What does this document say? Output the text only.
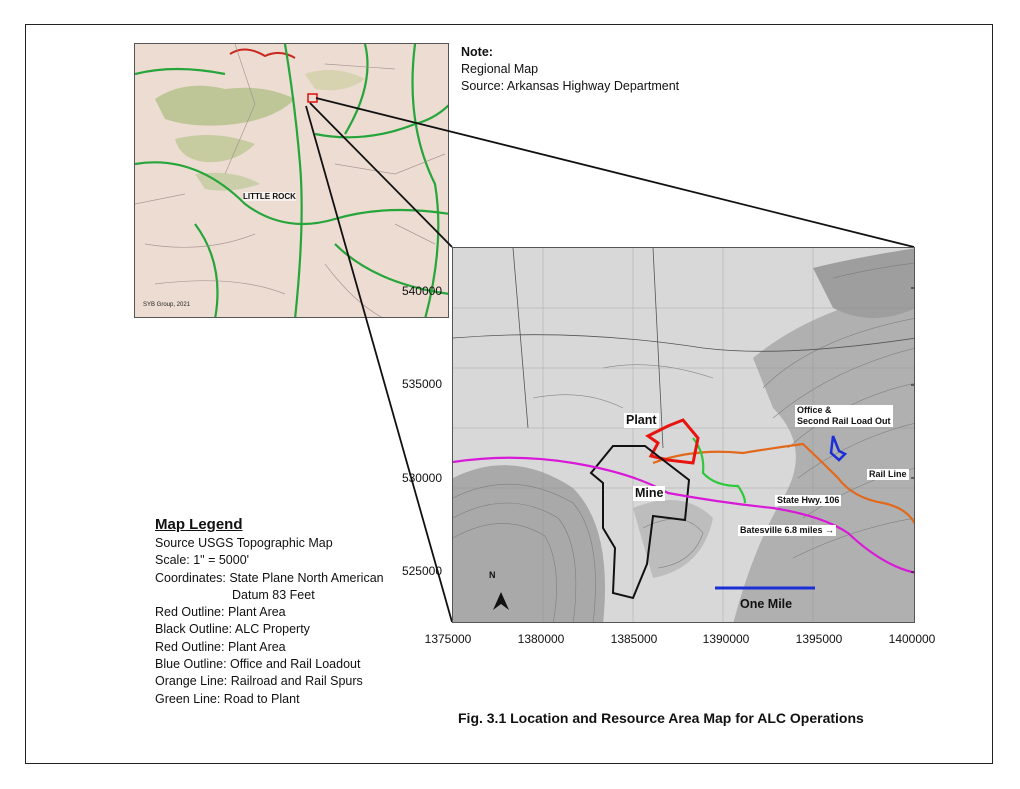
LITTLE ROCK
SYB Group, 2021
Note:
Regional Map
Source: Arkansas Highway Department
Plant
Mine
Office &
Second Rail Load Out
Rail Line
State Hwy. 106
Batesville 6.8 miles →
One Mile
N
540000
535000
530000
525000
1375000	1380000	1385000	1390000	1395000	1400000
Map Legend
Source USGS Topographic Map
Scale: 1" = 5000'
Coordinates: State Plane North American
Datum 83 Feet
Red Outline: Plant Area
Black Outline: ALC Property
Red Outline: Plant Area
Blue Outline: Office and Rail Loadout
Orange Line: Railroad and Rail Spurs
Green Line: Road to Plant
Fig. 3.1 Location and Resource Area Map for ALC Operations
